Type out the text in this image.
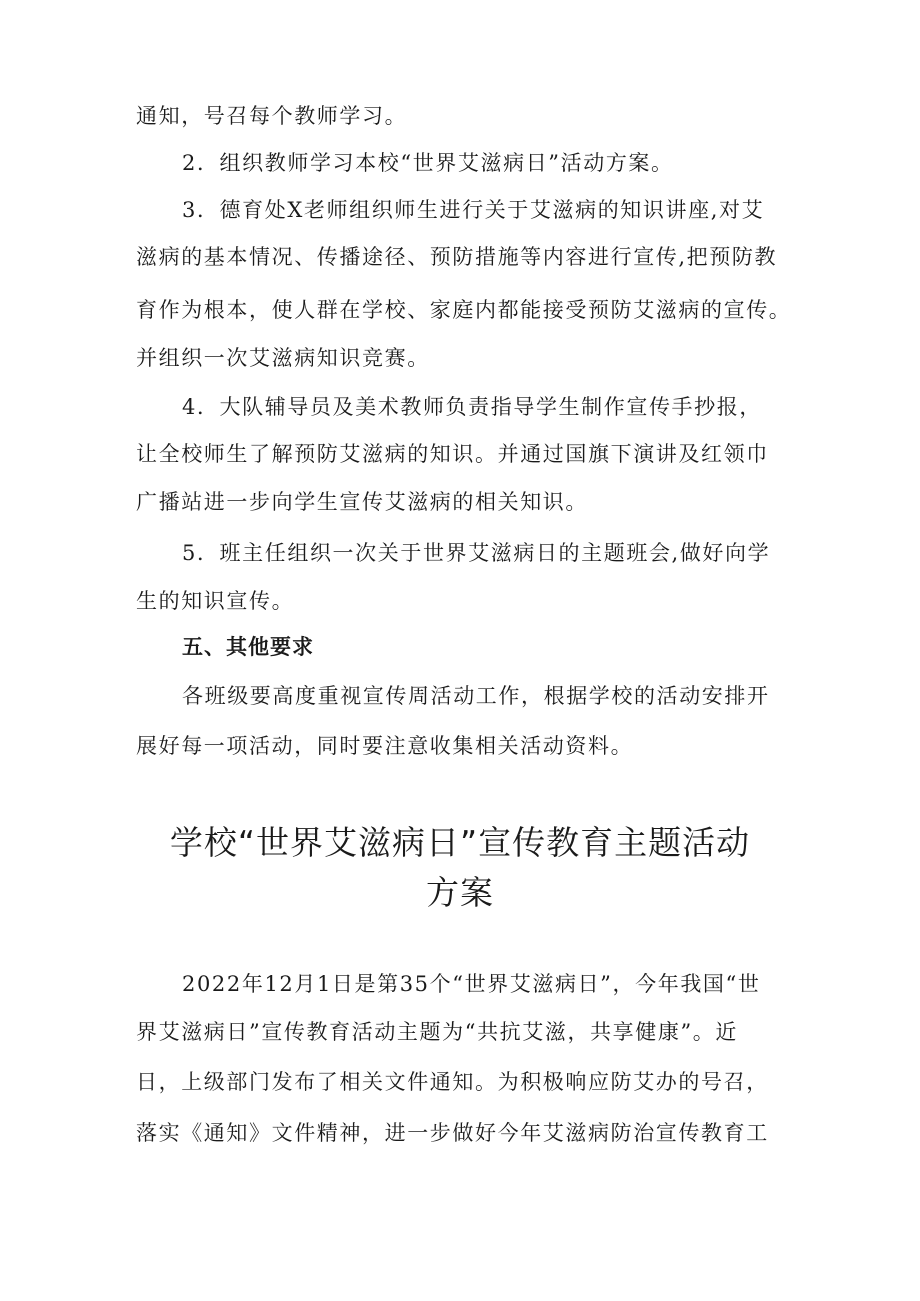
通知，号召每个教师学习。
2．组织教师学习本校“世界艾滋病日”活动方案。
3．德育处X老师组织师生进行关于艾滋病的知识讲座,对艾
滋病的基本情况、传播途径、预防措施等内容进行宣传,把预防教
育作为根本，使人群在学校、家庭内都能接受预防艾滋病的宣传。
并组织一次艾滋病知识竞赛。
4．大队辅导员及美术教师负责指导学生制作宣传手抄报，
让全校师生了解预防艾滋病的知识。并通过国旗下演讲及红领巾
广播站进一步向学生宣传艾滋病的相关知识。
5．班主任组织一次关于世界艾滋病日的主题班会,做好向学
生的知识宣传。
五、其他要求
各班级要高度重视宣传周活动工作，根据学校的活动安排开
展好每一项活动，同时要注意收集相关活动资料。
学校“世界艾滋病日”宣传教育主题活动
方案
2022年12月1日是第35个“世界艾滋病日”，今年我国“世
界艾滋病日”宣传教育活动主题为“共抗艾滋，共享健康”。近
日，上级部门发布了相关文件通知。为积极响应防艾办的号召，
落实《通知》文件精神，进一步做好今年艾滋病防治宣传教育工
